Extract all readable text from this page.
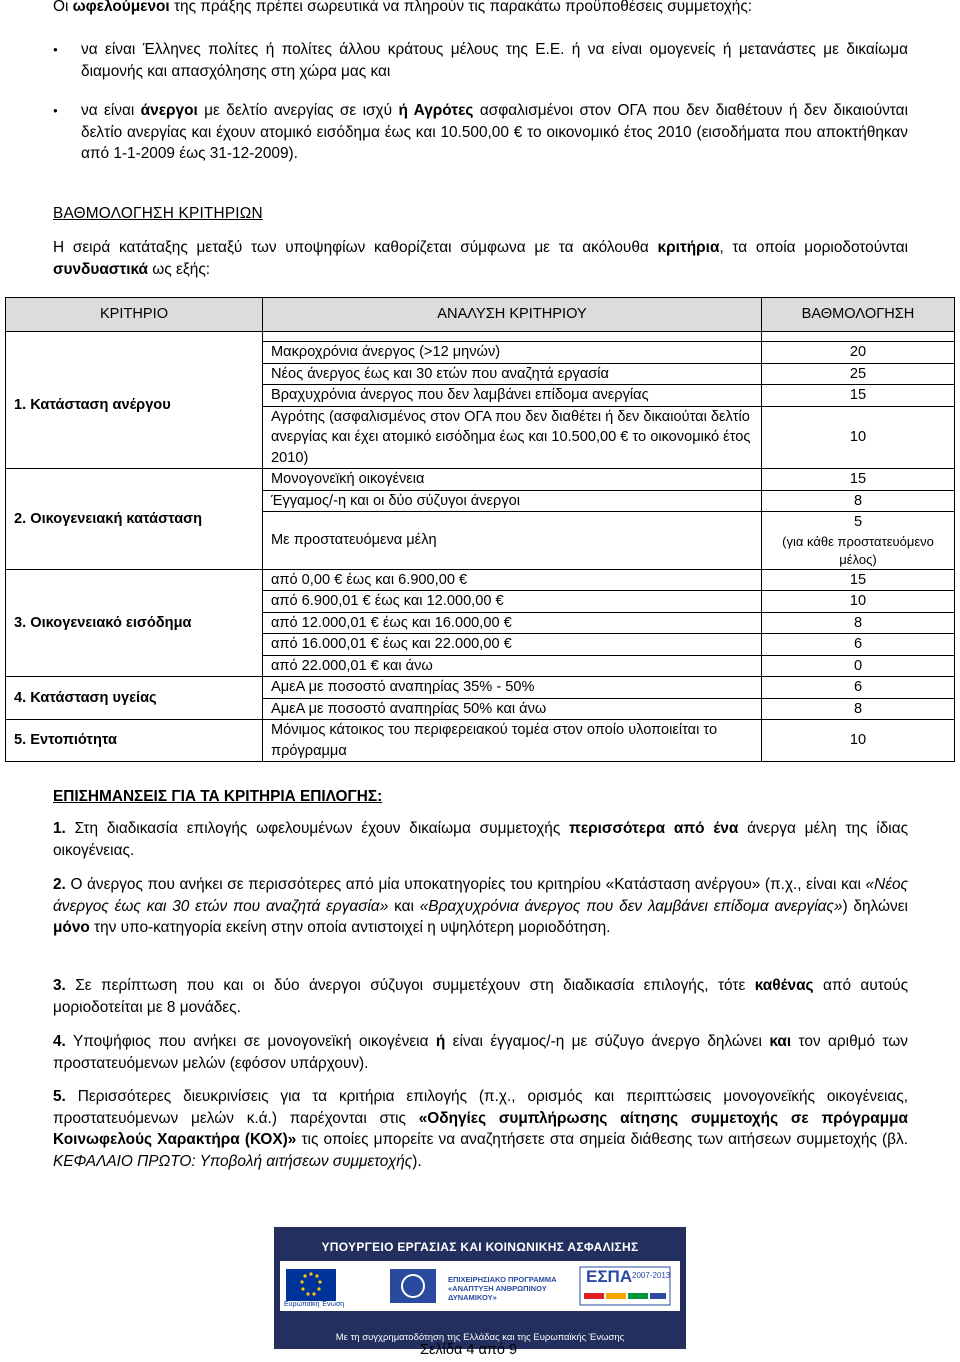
Οι ωφελούμενοι της πράξης πρέπει σωρευτικά να πληρούν τις παρακάτω προϋποθέσεις συμμετοχής:

● να είναι Έλληνες πολίτες ή πολίτες άλλου κράτους μέλους της Ε.Ε. ή να είναι ομογενείς ή μετανάστες με δικαίωμα διαμονής και απασχόλησης στη χώρα μας και
● να είναι άνεργοι με δελτίο ανεργίας σε ισχύ ή Αγρότες ασφαλισμένοι στον ΟΓΑ που δεν διαθέτουν ή δεν δικαιούνται δελτίο ανεργίας και έχουν ατομικό εισόδημα έως και 10.500,00 € το οικονομικό έτος 2010 (εισοδήματα που αποκτήθηκαν από 1-1-2009 έως 31-12-2009).
ΒΑΘΜΟΛΟΓΗΣΗ ΚΡΙΤΗΡΙΩΝ

Η σειρά κατάταξης μεταξύ των υποψηφίων καθορίζεται σύμφωνα με τα ακόλουθα κριτήρια, τα οποία μοριοδοτούνται συνδυαστικά ως εξής:

ΚΡΙΤΗΡΙΟ	ΑΝΑΛΥΣΗ ΚΡΙΤΗΡΙΟΥ	ΒΑΘΜΟΛΟΓΗΣΗ

1. Κατάσταση ανέργου	Μακροχρόνια άνεργος (>12 μηνών)	20
	Νέος άνεργος έως και 30 ετών που αναζητά εργασία	25
	Βραχυχρόνια άνεργος που δεν λαμβάνει επίδομα ανεργίας	15
	Αγρότης (ασφαλισμένος στον ΟΓΑ που δεν διαθέτει ή δεν δικαιούται δελτίο ανεργίας και έχει ατομικό εισόδημα έως και 10.500,00 € το οικονομικό έτος 2010)	10
2. Οικογενειακή κατάσταση	Μονογονεϊκή οικογένεια	15
	Έγγαμος/-η και οι δύο σύζυγοι άνεργοι	8
	Με προστατευόμενα μέλη	5
(για κάθε προστατευόμενο μέλος)

3. Οικογενειακό εισόδημα	από 0,00 € έως και 6.900,00 €	15
	από 6.900,01 € έως και 12.000,00 €	10
	από 12.000,01 € έως και 16.000,00 €	8
	από 16.000,01 € έως και 22.000,00 €	6
	από 22.000,01 € και άνω	0
4. Κατάσταση υγείας	ΑμεΑ με ποσοστό αναπηρίας 35% - 50%	6
	ΑμεΑ με ποσοστό αναπηρίας 50% και άνω	8
5. Εντοπιότητα	Μόνιμος κάτοικος του περιφερειακού τομέα στον οποίο υλοποιείται το πρόγραμμα	10
ΕΠΙΣΗΜΑΝΣΕΙΣ ΓΙΑ ΤΑ ΚΡΙΤΗΡΙΑ ΕΠΙΛΟΓΗΣ:

1. Στη διαδικασία επιλογής ωφελουμένων έχουν δικαίωμα συμμετοχής περισσότερα από ένα άνεργα μέλη της ίδιας οικογένειας.

2. Ο άνεργος που ανήκει σε περισσότερες από μία υποκατηγορίες του κριτηρίου «Κατάσταση ανέργου» (π.χ., είναι και «Νέος άνεργος έως και 30 ετών που αναζητά εργασία» και «Βραχυχρόνια άνεργος που δεν λαμβάνει επίδομα ανεργίας») δηλώνει μόνο την υπο-κατηγορία εκείνη στην οποία αντιστοιχεί η υψηλότερη μοριοδότηση.

3. Σε περίπτωση που και οι δύο άνεργοι σύζυγοι συμμετέχουν στη διαδικασία επιλογής, τότε καθένας από αυτούς μοριοδοτείται με 8 μονάδες.

4. Υποψήφιος που ανήκει σε μονογονεϊκή οικογένεια ή είναι έγγαμος/-η με σύζυγο άνεργο δηλώνει και τον αριθμό των προστατευόμενων μελών (εφόσον υπάρχουν).

5. Περισσότερες διευκρινίσεις για τα κριτήρια επιλογής (π.χ., ορισμός και περιπτώσεις μονογονεϊκής οικογένειας, προστατευόμενων μελών κ.ά.) παρέχονται στις «Οδηγίες συμπλήρωσης αίτησης συμμετοχής σε πρόγραμμα Κοινωφελούς Χαρακτήρα (ΚΟΧ)» τις οποίες μπορείτε να αναζητήσετε στα σημεία διάθεσης των αιτήσεων συμμετοχής (βλ. ΚΕΦΑΛΑΙΟ ΠΡΩΤΟ: Υποβολή αιτήσεων συμμετοχής).

ΥΠΟΥΡΓΕΙΟ ΕΡΓΑΣΙΑΣ ΚΑΙ ΚΟΙΝΩΝΙΚΗΣ ΑΣΦΑΛΙΣΗΣ
Ευρωπαϊκή Ένωση
ΕΠΙΧΕΙΡΗΣΙΑΚΟ ΠΡΟΓΡΑΜΜΑ «ΑΝΑΠΤΥΞΗ ΑΝΘΡΩΠΙΝΟΥ ΔΥΝΑΜΙΚΟΥ»
ΕΣΠΑ 2007-2013
Με τη συγχρηματοδότηση της Ελλάδας και της Ευρωπαϊκής Ένωσης
Σελίδα 4 από 9
